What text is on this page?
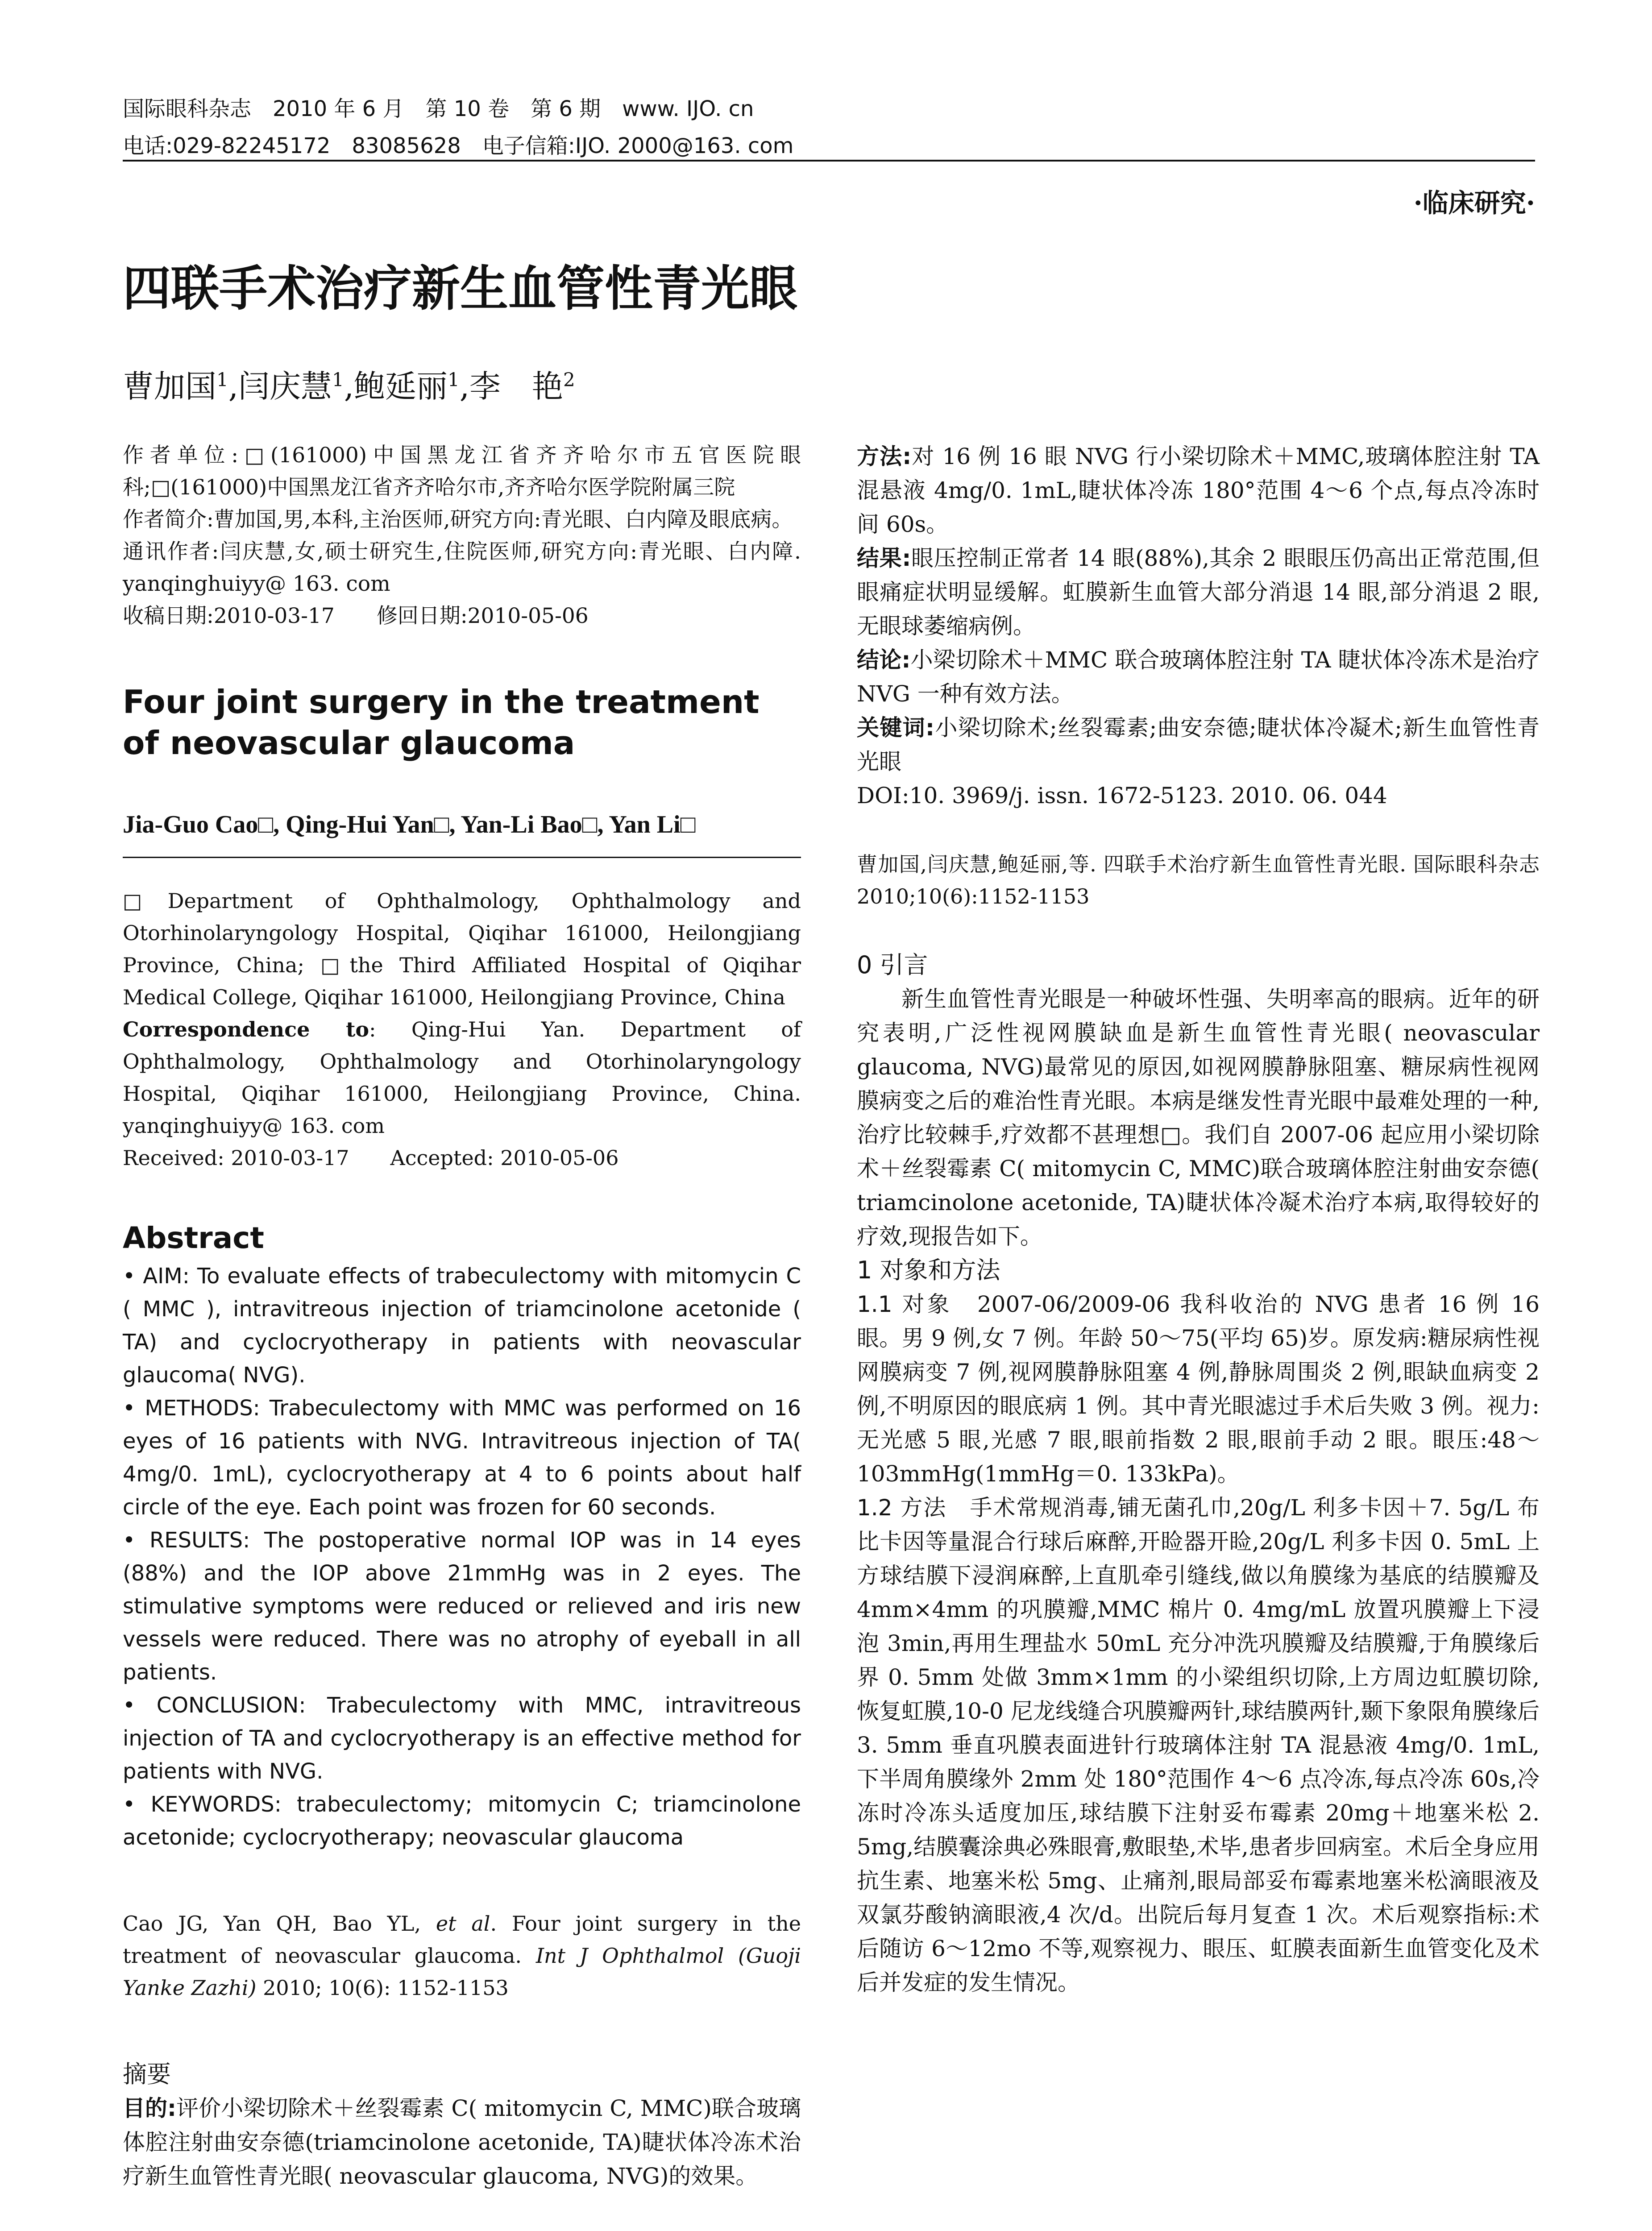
国际眼科杂志　2010 年 6 月　第 10 卷　第 6 期　www. IJO. cn
电话:029-82245172　83085628　电子信箱:IJO. 2000@163. com
·临床研究·
四联手术治疗新生血管性青光眼
曹加国$^1$,闫庆慧$^1$,鲍延丽$^1$,李　艳$^2$

作者单位:□(161000)中国黑龙江省齐齐哈尔市五官医院眼科;□(161000)中国黑龙江省齐齐哈尔市,齐齐哈尔医学院附属三院

作者简介:曹加国,男,本科,主治医师,研究方向:青光眼、白内障及眼底病。

通讯作者:闫庆慧,女,硕士研究生,住院医师,研究方向:青光眼、白内障. yanqinghuiyy@ 163. com

收稿日期:2010-03-17　　修回日期:2010-05-06

Four joint surgery in the treatment of neovascular glaucoma
Jia-Guo Cao□, Qing-Hui Yan□, Yan-Li Bao□, Yan Li□

□Department of Ophthalmology, Ophthalmology and Otorhinolaryngology Hospital, Qiqihar 161000, Heilongjiang Province, China; □the Third Affiliated Hospital of Qiqihar Medical College, Qiqihar 161000, Heilongjiang Province, China

Correspondence to: Qing-Hui Yan. Department of Ophthalmology, Ophthalmology and Otorhinolaryngology Hospital, Qiqihar 161000, Heilongjiang Province, China. yanqinghuiyy@ 163. com

Received: 2010-03-17　　Accepted: 2010-05-06

Abstract

• AIM: To evaluate effects of trabeculectomy with mitomycin C ( MMC ), intravitreous injection of triamcinolone acetonide ( TA) and cyclocryotherapy in patients with neovascular glaucoma( NVG).

• METHODS: Trabeculectomy with MMC was performed on 16 eyes of 16 patients with NVG. Intravitreous injection of TA( 4mg/0. 1mL), cyclocryotherapy at 4 to 6 points about half circle of the eye. Each point was frozen for 60 seconds.

• RESULTS: The postoperative normal IOP was in 14 eyes (88%) and the IOP above 21mmHg was in 2 eyes. The stimulative symptoms were reduced or relieved and iris new vessels were reduced. There was no atrophy of eyeball in all patients.

• CONCLUSION: Trabeculectomy with MMC, intravitreous injection of TA and cyclocryotherapy is an effective method for patients with NVG.

• KEYWORDS: trabeculectomy; mitomycin C; triamcinolone acetonide; cyclocryotherapy; neovascular glaucoma

Cao JG, Yan QH, Bao YL, et al. Four joint surgery in the treatment of neovascular glaucoma. Int J Ophthalmol (Guoji Yanke Zazhi) 2010; 10(6): 1152-1153

摘要

目的:评价小梁切除术＋丝裂霉素 C( mitomycin C, MMC)联合玻璃体腔注射曲安奈德(triamcinolone acetonide, TA)睫状体冷冻术治疗新生血管性青光眼( neovascular glaucoma, NVG)的效果。

方法:对 16 例 16 眼 NVG 行小梁切除术＋MMC,玻璃体腔注射 TA 混悬液 4mg/0. 1mL,睫状体冷冻 180°范围 4～6 个点,每点冷冻时间 60s。

结果:眼压控制正常者 14 眼(88%),其余 2 眼眼压仍高出正常范围,但眼痛症状明显缓解。虹膜新生血管大部分消退 14 眼,部分消退 2 眼,无眼球萎缩病例。

结论:小梁切除术＋MMC 联合玻璃体腔注射 TA 睫状体冷冻术是治疗 NVG 一种有效方法。

关键词:小梁切除术;丝裂霉素;曲安奈德;睫状体冷凝术;新生血管性青光眼

DOI:10. 3969/j. issn. 1672-5123. 2010. 06. 044

曹加国,闫庆慧,鲍延丽,等. 四联手术治疗新生血管性青光眼. 国际眼科杂志 2010;10(6):1152-1153

0 引言

新生血管性青光眼是一种破坏性强、失明率高的眼病。近年的研究表明,广泛性视网膜缺血是新生血管性青光眼( neovascular glaucoma, NVG)最常见的原因,如视网膜静脉阻塞、糖尿病性视网膜病变之后的难治性青光眼。本病是继发性青光眼中最难处理的一种,治疗比较棘手,疗效都不甚理想□。我们自 2007-06 起应用小梁切除术＋丝裂霉素 C( mitomycin C, MMC)联合玻璃体腔注射曲安奈德( triamcinolone acetonide, TA)睫状体冷凝术治疗本病,取得较好的疗效,现报告如下。

1 对象和方法

1.1 对象　 2007-06/2009-06 我科收治的 NVG 患者 16 例 16 眼。男 9 例,女 7 例。年龄 50～75(平均 65)岁。原发病:糖尿病性视网膜病变 7 例,视网膜静脉阻塞 4 例,静脉周围炎 2 例,眼缺血病变 2 例,不明原因的眼底病 1 例。其中青光眼滤过手术后失败 3 例。视力:无光感 5 眼,光感 7 眼,眼前指数 2 眼,眼前手动 2 眼。眼压:48～103mmHg(1mmHg＝0. 133kPa)。

1.2 方法　 手术常规消毒,铺无菌孔巾,20g/L 利多卡因＋7. 5g/L 布比卡因等量混合行球后麻醉,开睑器开睑,20g/L 利多卡因 0. 5mL 上方球结膜下浸润麻醉,上直肌牵引缝线,做以角膜缘为基底的结膜瓣及 4mm×4mm 的巩膜瓣,MMC 棉片 0. 4mg/mL 放置巩膜瓣上下浸泡 3min,再用生理盐水 50mL 充分冲洗巩膜瓣及结膜瓣,于角膜缘后界 0. 5mm 处做 3mm×1mm 的小梁组织切除,上方周边虹膜切除,恢复虹膜,10-0 尼龙线缝合巩膜瓣两针,球结膜两针,颞下象限角膜缘后 3. 5mm 垂直巩膜表面进针行玻璃体注射 TA 混悬液 4mg/0. 1mL,下半周角膜缘外 2mm 处 180°范围作 4～6 点冷冻,每点冷冻 60s,冷冻时冷冻头适度加压,球结膜下注射妥布霉素 20mg＋地塞米松 2. 5mg,结膜囊涂典必殊眼膏,敷眼垫,术毕,患者步回病室。术后全身应用抗生素、地塞米松 5mg、止痛剂,眼局部妥布霉素地塞米松滴眼液及双氯芬酸钠滴眼液,4 次/d。出院后每月复查 1 次。术后观察指标:术后随访 6～12mo 不等,观察视力、眼压、虹膜表面新生血管变化及术后并发症的发生情况。
